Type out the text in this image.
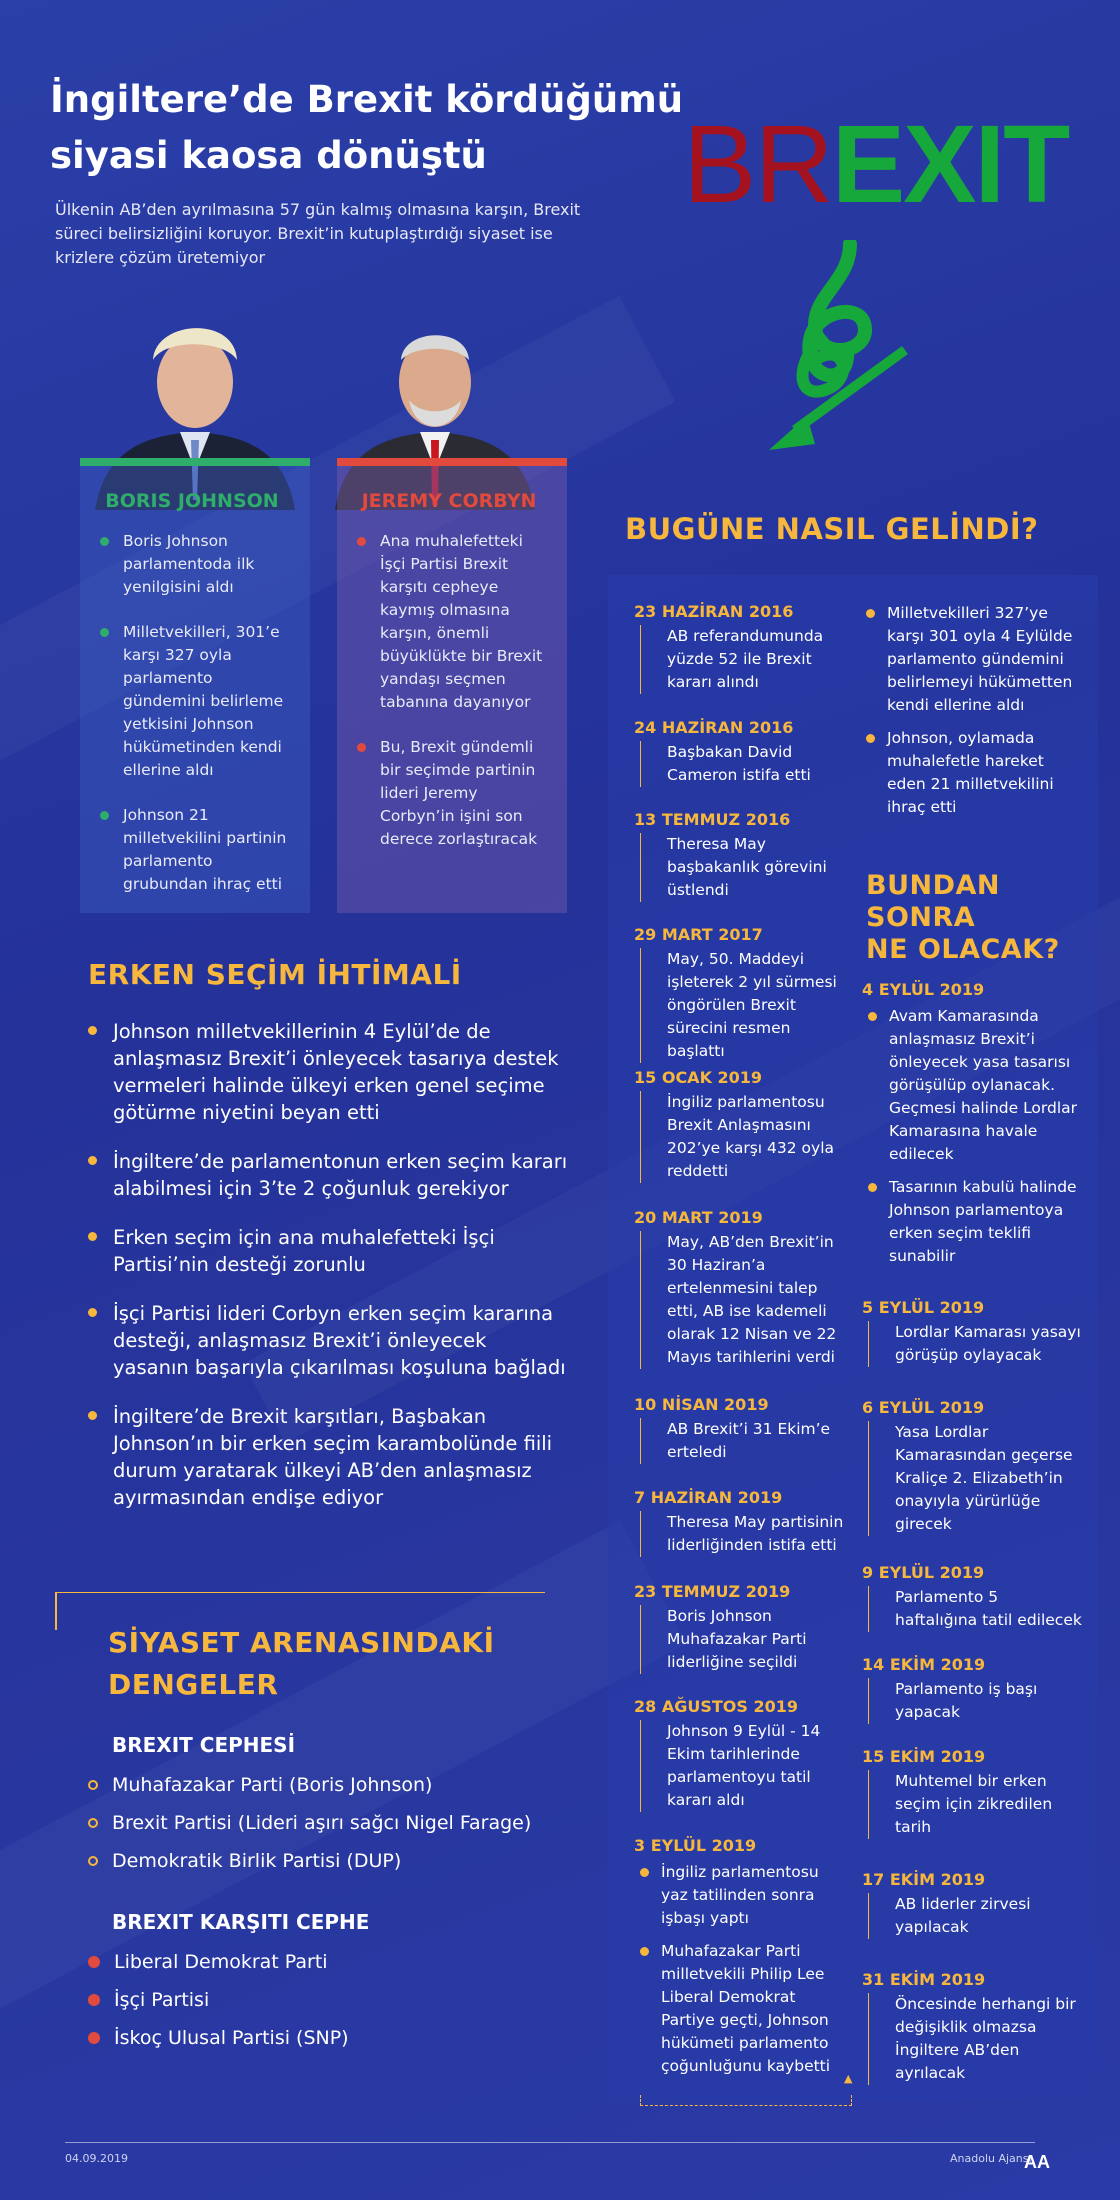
İngiltere’de Brexit kördüğümü
siyasi kaosa dönüştü
Ülkenin AB’den ayrılmasına 57 gün kalmış olmasına karşın, Brexit süreci belirsizliğini koruyor. Brexit’in kutuplaştırdığı siyaset ise krizlere çözüm üretemiyor
BREXIT
BORIS JOHNSON
Boris Johnson parlamentoda ilk yenilgisini aldı
Milletvekilleri, 301’e karşı 327 oyla parlamento gündemini belirleme yetkisini Johnson hükümetinden kendi ellerine aldı
Johnson 21 milletvekilini partinin parlamento grubundan ihraç etti
JEREMY CORBYN
Ana muhalefetteki İşçi Partisi Brexit karşıtı cepheye kaymış olmasına karşın, önemli büyüklükte bir Brexit yandaşı seçmen tabanına dayanıyor
Bu, Brexit gündemli bir seçimde partinin lideri Jeremy Corbyn’in işini son derece zorlaştıracak
ERKEN SEÇİM İHTİMALİ
Johnson milletvekillerinin 4 Eylül’de de anlaşmasız Brexit’i önleyecek tasarıya destek vermeleri halinde ülkeyi erken genel seçime götürme niyetini beyan etti
İngiltere’de parlamentonun erken seçim kararı alabilmesi için 3’te 2 çoğunluk gerekiyor
Erken seçim için ana muhalefetteki İşçi Partisi’nin desteği zorunlu
İşçi Partisi lideri Corbyn erken seçim kararına desteği, anlaşmasız Brexit’i önleyecek yasanın başarıyla çıkarılması koşuluna bağladı
İngiltere’de Brexit karşıtları, Başbakan Johnson’ın bir erken seçim karambolünde fiili durum yaratarak ülkeyi AB’den anlaşmasız ayırmasından endişe ediyor
SİYASET ARENASINDAKİ
DENGELER
BREXIT CEPHESİ
Muhafazakar Parti (Boris Johnson)
Brexit Partisi (Lideri aşırı sağcı Nigel Farage)
Demokratik Birlik Partisi (DUP)
BREXIT KARŞITI CEPHE
Liberal Demokrat Parti
İşçi Partisi
İskoç Ulusal Partisi (SNP)
BUGÜNE NASIL GELİNDİ?
23 HAZİRAN 2016
AB referandumunda yüzde 52 ile Brexit kararı alındı
24 HAZİRAN 2016
Başbakan David Cameron istifa etti
13 TEMMUZ 2016
Theresa May başbakanlık görevini üstlendi
29 MART 2017
May, 50. Maddeyi işleterek 2 yıl sürmesi öngörülen Brexit sürecini resmen başlattı
15 OCAK 2019
İngiliz parlamentosu Brexit Anlaşmasını 202’ye karşı 432 oyla reddetti
20 MART 2019
May, AB’den Brexit’in 30 Haziran’a ertelenmesini talep etti, AB ise kademeli olarak 12 Nisan ve 22 Mayıs tarihlerini verdi
10 NİSAN 2019
AB Brexit’i 31 Ekim’e erteledi
7 HAZİRAN 2019
Theresa May partisinin liderliğinden istifa etti
23 TEMMUZ 2019
Boris Johnson Muhafazakar Parti liderliğine seçildi
28 AĞUSTOS 2019
Johnson 9 Eylül - 14 Ekim tarihlerinde parlamentoyu tatil kararı aldı
3 EYLÜL 2019
İngiliz parlamentosu yaz tatilinden sonra işbaşı yaptı
Muhafazakar Parti milletvekili Philip Lee Liberal Demokrat Partiye geçti, Johnson hükümeti parlamento çoğunluğunu kaybetti
▲
Milletvekilleri 327’ye karşı 301 oyla 4 Eylülde parlamento gündemini belirlemeyi hükümetten kendi ellerine aldı
Johnson, oylamada muhalefetle hareket eden 21 milletvekilini ihraç etti
BUNDAN
SONRA
NE OLACAK?
4 EYLÜL 2019
Avam Kamarasında anlaşmasız Brexit’i önleyecek yasa tasarısı görüşülüp oylanacak. Geçmesi halinde Lordlar Kamarasına havale edilecek
Tasarının kabulü halinde Johnson parlamentoya erken seçim teklifi sunabilir
5 EYLÜL 2019
Lordlar Kamarası yasayı görüşüp oylayacak
6 EYLÜL 2019
Yasa Lordlar Kamarasından geçerse Kraliçe 2. Elizabeth’in onayıyla yürürlüğe girecek
9 EYLÜL 2019
Parlamento 5 haftalığına tatil edilecek
14 EKİM 2019
Parlamento iş başı yapacak
15 EKİM 2019
Muhtemel bir erken seçim için zikredilen tarih
17 EKİM 2019
AB liderler zirvesi yapılacak
31 EKİM 2019
Öncesinde herhangi bir değişiklik olmazsa İngiltere AB’den ayrılacak
04.09.2019	Anadolu Ajansı
AA
